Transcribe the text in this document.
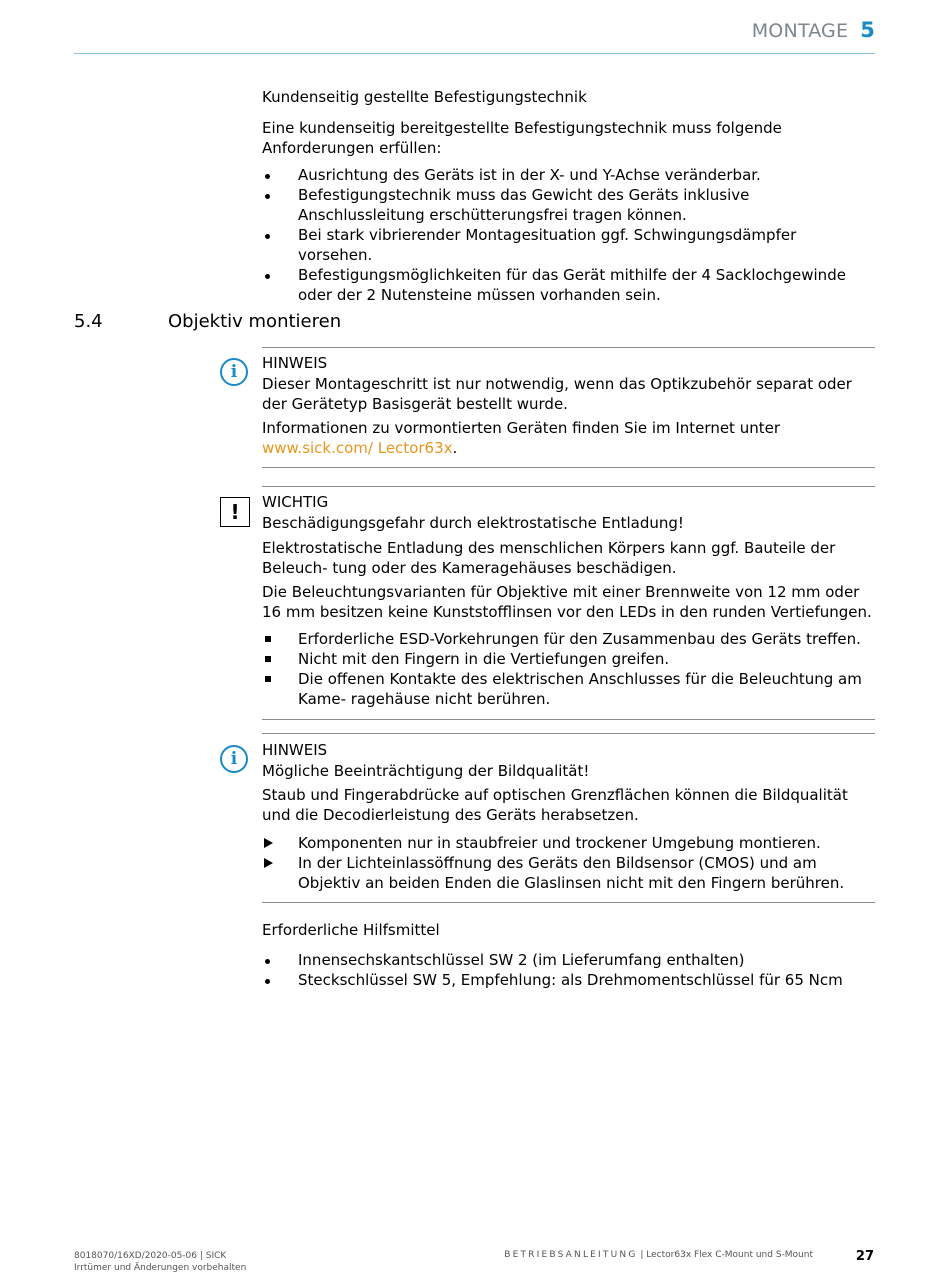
MONTAGE 5
Kundenseitig gestellte Befestigungstechnik

Eine kundenseitig bereitgestellte Befestigungstechnik muss folgende Anforderungen erfüllen:

Ausrichtung des Geräts ist in der X- und Y-Achse veränderbar.
Befestigungstechnik muss das Gewicht des Geräts inklusive Anschlussleitung erschütterungsfrei tragen können.
Bei stark vibrierender Montagesituation ggf. Schwingungsdämpfer vorsehen.
Befestigungsmöglichkeiten für das Gerät mithilfe der 4 Sacklochgewinde oder der 2 Nutensteine müssen vorhanden sein.
5.4	Objektiv montieren
i	HINWEIS

Dieser Montageschritt ist nur notwendig, wenn das Optikzubehör separat oder der Gerätetyp Basisgerät bestellt wurde.

Informationen zu vormontierten Geräten finden Sie im Internet unter www.sick.com/ Lector63x.

!	WICHTIG
Beschädigungsgefahr durch elektrostatische Entladung!

Elektrostatische Entladung des menschlichen Körpers kann ggf. Bauteile der Beleuch- tung oder des Kameragehäuses beschädigen.

Die Beleuchtungsvarianten für Objektive mit einer Brennweite von 12 mm oder 16 mm besitzen keine Kunststofflinsen vor den LEDs in den runden Vertiefungen.

Erforderliche ESD-Vorkehrungen für den Zusammenbau des Geräts treffen.
Nicht mit den Fingern in die Vertiefungen greifen.
Die offenen Kontakte des elektrischen Anschlusses für die Beleuchtung am Kame- ragehäuse nicht berühren.
i	HINWEIS
Mögliche Beeinträchtigung der Bildqualität!

Staub und Fingerabdrücke auf optischen Grenzflächen können die Bildqualität und die Decodierleistung des Geräts herabsetzen.

Komponenten nur in staubfreier und trockener Umgebung montieren.
In der Lichteinlassöffnung des Geräts den Bildsensor (CMOS) und am Objektiv an beiden Enden die Glaslinsen nicht mit den Fingern berühren.
Erforderliche Hilfsmittel
Innensechskantschlüssel SW 2 (im Lieferumfang enthalten)
Steckschlüssel SW 5, Empfehlung: als Drehmomentschlüssel für 65 Ncm
8018070/16XD/2020-05-06 | SICK
Irrtümer und Änderungen vorbehalten
BETRIEBSANLEITUNG | Lector63x Flex C-Mount und S-Mount	27
